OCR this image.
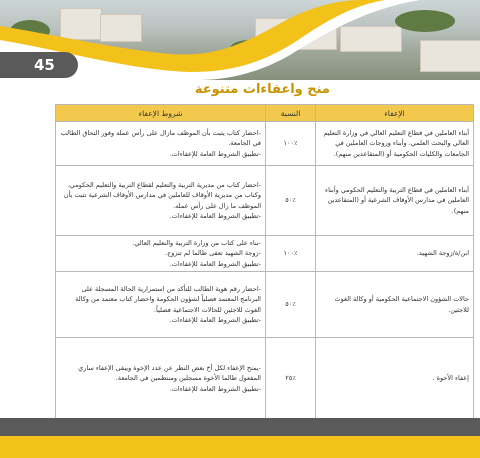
45
منح واعفاءات متنوعة
الإعفاء	النسبة	شروط الإعفاء
أبناء العاملين في قطاع التعليم العالي في وزارة التعليم العالي والبحث العلمي، وأبناء وزوجات العاملين في الجامعات والكليات الحكومية أو (المتقاعدين منهم).	٪١٠٠	-احضار كتاب يثبت بأن الموظف مازال على رأس عمله وفور التحاق الطالب في الجامعة.
-تطبيق الشروط العامة للإعفاءات.

أبناء العاملين في قطاع التربية والتعليم الحكومي وأبناء العاملين في مدارس الأوقاف الشرعية أو (المتقاعدين منهم).	٪٥٠	-احضار كتاب من مديرية التربية والتعليم لقطاع التربية والتعليم الحكومي، وكتاب من مديرية الأوقاف للعاملين في مدارس الأوقاف الشرعية تثبت بأن الموظف ما زال على رأس عمله.
-تطبيق الشروط العامة للإعفاءات.

ابن/ة/زوجة الشهيد.	٪١٠٠	-بناء على كتاب من وزارة التربية والتعليم العالي.
-زوجة الشهيد تعفى طالما لم تتزوج.
-تطبيق الشروط العامة للإعفاءات.

حالات الشؤون الاجتماعية الحكومية أو وكالة الغوث للاجئين.	٪٥٠	-احضار رقم هوية الطالب للتأكد من استمرارية الحالة المسجلة على البرنامج المعتمد فصلياً لشؤون الحكومة واحضار كتاب معتمد من وكالة الغوث للاجئين للحالات الاجتماعية فصلياً.
-تطبيق الشروط العامة للإعفاءات.

إعفاء الأخوة .	٪٢٥	-يمنح الإعفاء لكل أخ بغض النظر عن عدد الإخوة ويبقى الإعفاء ساري المفعول طالما الأخوة مسجلين ومنتظمين في الجامعة.
-تطبيق الشروط العامة للإعفاءات.
